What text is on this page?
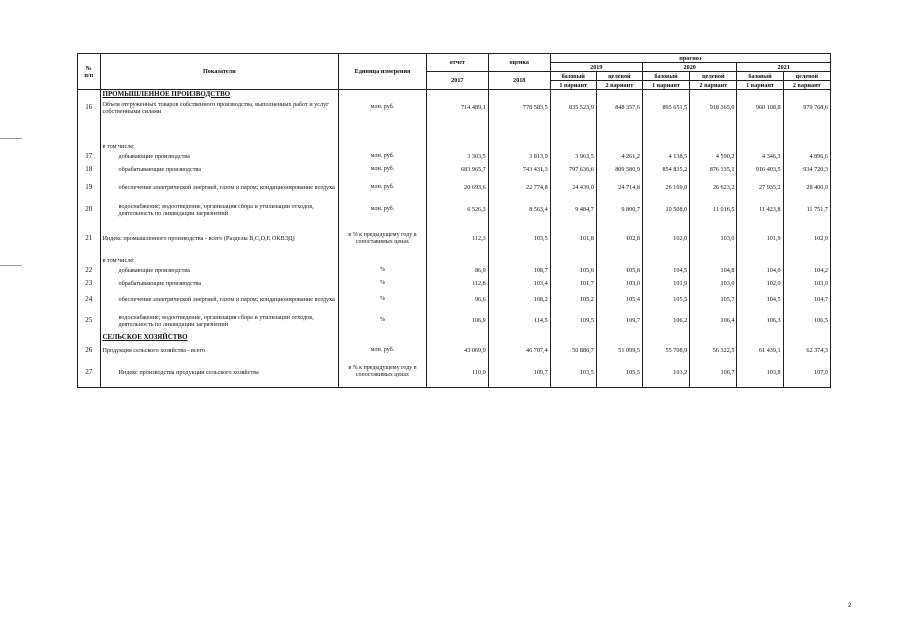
№
п/п	Показатели	Единица измерения	отчет	оценка	прогноз					
					2019		2020		2021	
			2017	2018	базовый	целевой	базовый	целевой	базовый	целевой
					1 вариант	2 вариант	1 вариант	2 вариант	1 вариант	2 вариант
	ПРОМЫШЛЕННОЕ ПРОИЗВОДСТВО									
16	Объем отгруженных товаров собственного производства, выполненных работ и услуг собственными силами	млн. руб.	714 489,1	778 583,5	835 523,9	848 357,6	895 651,5	918 365,0	960 108,8	979 768,6

	в том числе:									
17	добывающие производства	млн. руб.	3 303,5	3 813,9	3 963,5	4 261,2	4 138,5	4 590,2	4 346,3	4 896,6
18	обрабатывающие производства	млн. руб.	683 965,7	743 431,3	797 636,6	809 580,9	854 835,2	876 135,1	916 403,5	934 720,3
19	обеспечение электрической энергией, газом и паром; кондиционирование воздуха	млн. руб.	20 693,6	22 774,8	24 439,0	24 714,8	26 169,8	26 623,2	27 935,2	28 400,0
20	водоснабжение; водоотведение, организация сбора и утилизации отходов, деятельность по ликвидации загрязнений	млн. руб.	6 526,3	8 563,4	9 484,7	9 800,7	10 508,0	11 016,5	11 423,8	11 751,7
21	Индекс промышленного производства - всего (Разделы B,C,D,E ОКВЭД)	в % к предыдущему году в сопоставимых ценах	112,3	103,5	101,8	102,8	102,0	103,0	101,9	102,9
	в том числе:									
22	добывающие производства	%	86,9	108,7	105,6	105,8	104,5	104,8	104,0	104,2
23	обрабатывающие производства	%	112,8	103,4	101,7	103,0	101,9	103,0	102,0	103,0
24	обеспечение электрической энергией, газом и паром; кондиционирование воздуха	%	96,6	108,2	105,2	105,4	105,5	105,7	104,5	104,7
25	водоснабжение; водоотведение, организация сбора и утилизации отходов, деятельность по ликвидации загрязнений	%	106,9	114,5	109,5	109,7	106,2	106,4	106,3	106,5
	СЕЛЬСКОЕ ХОЗЯЙСТВО									
26	Продукция сельского хозяйства - всего	млн. руб.	43 069,9	46 707,4	50 886,7	51 099,5	55 708,9	56 322,5	61 439,1	62 374,3
27	Индекс производства продукции сельского хозяйства	в % к предыдущему году в сопоставимых ценах	110,0	109,7	103,5	105,5	103,2	106,7	103,8	107,0
2
